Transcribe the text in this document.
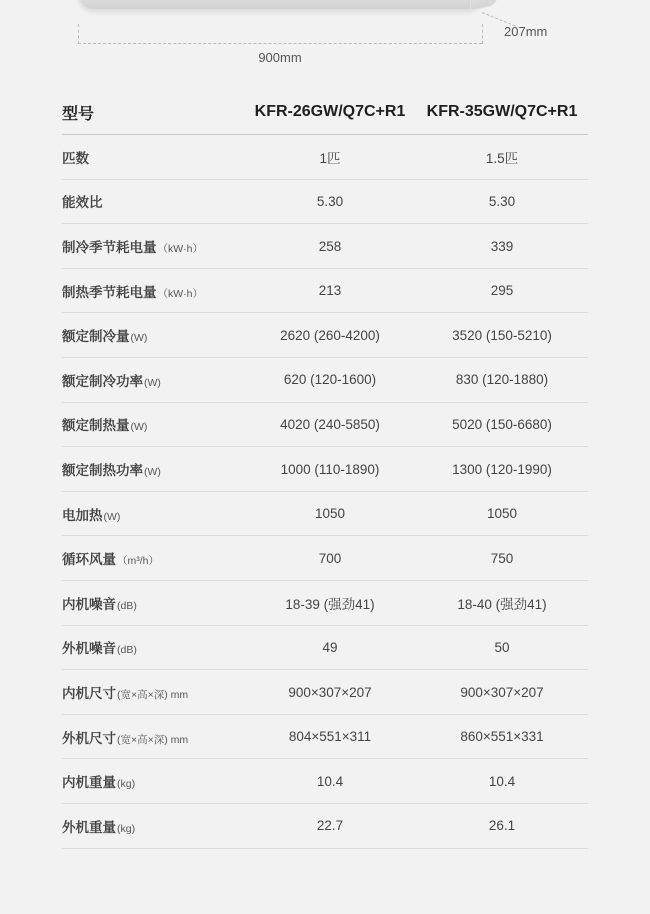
900mm
207mm
型号	KFR-26GW/Q7C+R1	KFR-35GW/Q7C+R1
匹数	1匹	1.5匹
能效比	5.30	5.30
制冷季节耗电量（kW·h）	258	339
制热季节耗电量（kW·h）	213	295
额定制冷量(W)	2620 (260-4200)	3520 (150-5210)
额定制冷功率(W)	620 (120-1600)	830 (120-1880)
额定制热量(W)	4020 (240-5850)	5020 (150-6680)
额定制热功率(W)	1000 (110-1890)	1300 (120-1990)
电加热(W)	1050	1050
循环风量（m³/h）	700	750
内机噪音(dB)	18-39 (强劲41)	18-40 (强劲41)
外机噪音(dB)	49	50
内机尺寸(宽×高×深) mm	900×307×207	900×307×207
外机尺寸(宽×高×深) mm	804×551×311	860×551×331
内机重量(kg)	10.4	10.4
外机重量(kg)	22.7	26.1
